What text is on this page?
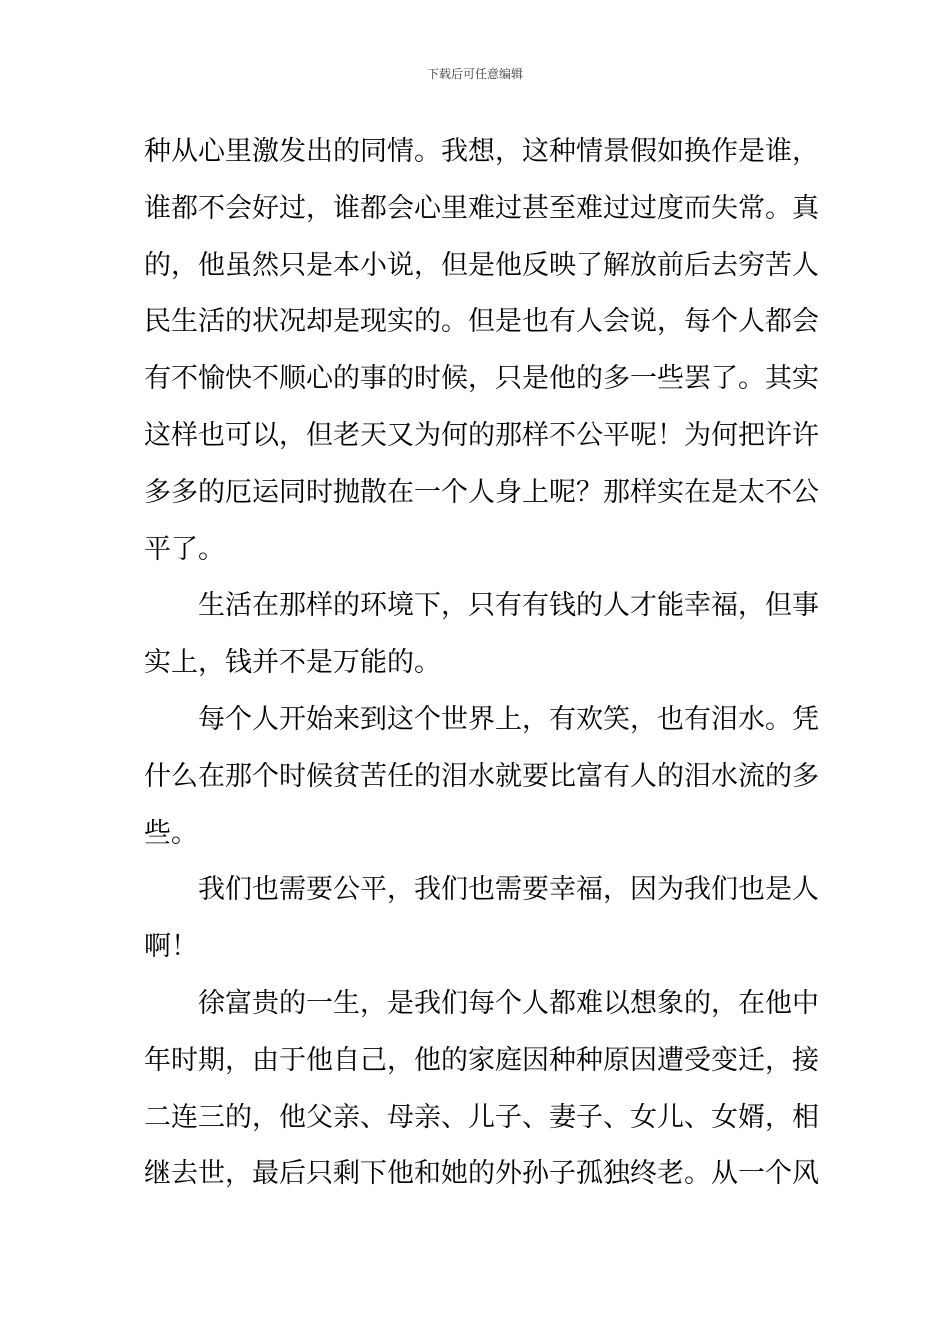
下载后可任意编辑
种从心里激发出的同情。我想，这种情景假如换作是谁，
谁都不会好过，谁都会心里难过甚至难过过度而失常。真
的，他虽然只是本小说，但是他反映了解放前后去穷苦人
民生活的状况却是现实的。但是也有人会说，每个人都会
有不愉快不顺心的事的时候，只是他的多一些罢了。其实
这样也可以，但老天又为何的那样不公平呢！为何把许许
多多的厄运同时抛散在一个人身上呢？那样实在是太不公
平了。
生活在那样的环境下，只有有钱的人才能幸福，但事
实上，钱并不是万能的。
每个人开始来到这个世界上，有欢笑，也有泪水。凭
什么在那个时候贫苦任的泪水就要比富有人的泪水流的多
些。
我们也需要公平，我们也需要幸福，因为我们也是人
啊！
徐富贵的一生，是我们每个人都难以想象的，在他中
年时期，由于他自己，他的家庭因种种原因遭受变迁，接
二连三的，他父亲、母亲、儿子、妻子、女儿、女婿，相
继去世，最后只剩下他和她的外孙子孤独终老。从一个风
